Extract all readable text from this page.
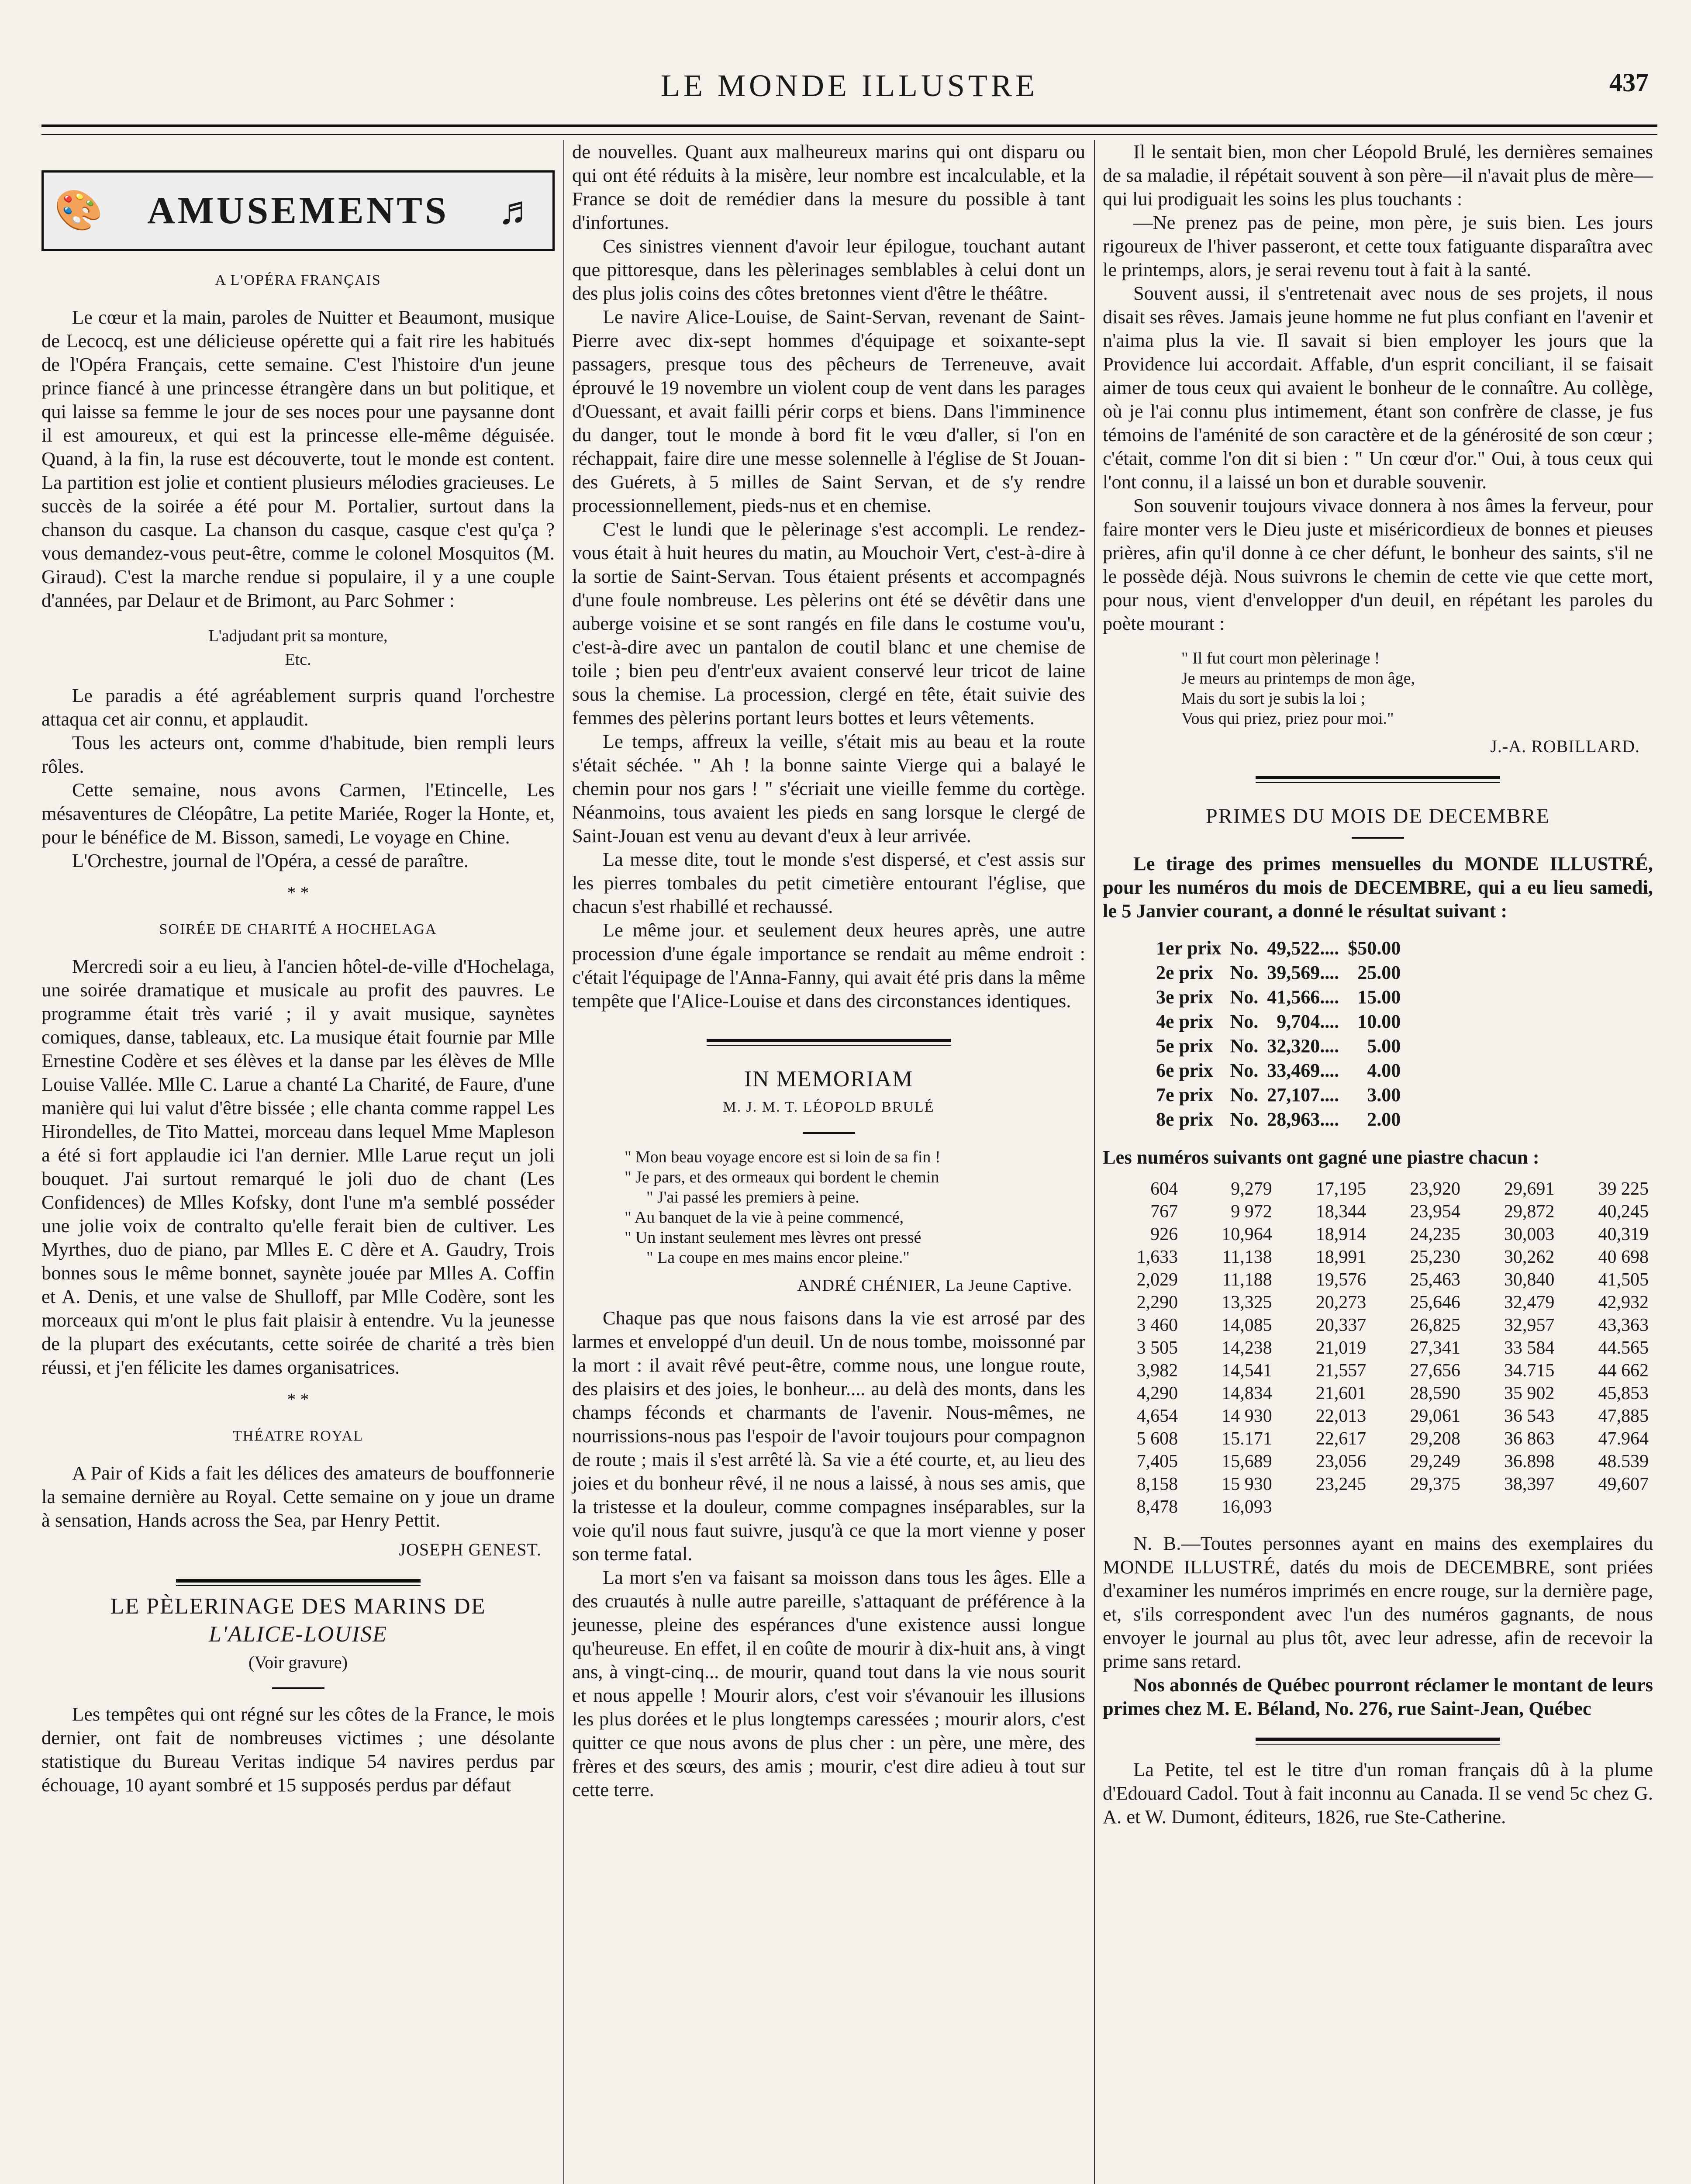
LE MONDE ILLUSTRE	437
🎨	AMUSEMENTS	♬
A L'OPÉRA FRANÇAIS

Le cœur et la main, paroles de Nuitter et Beaumont, musique de Lecocq, est une délicieuse opérette qui a fait rire les habitués de l'Opéra Français, cette semaine. C'est l'histoire d'un jeune prince fiancé à une princesse étrangère dans un but politique, et qui laisse sa femme le jour de ses noces pour une paysanne dont il est amoureux, et qui est la princesse elle-même déguisée. Quand, à la fin, la ruse est découverte, tout le monde est content. La partition est jolie et contient plusieurs mélodies gracieuses. Le succès de la soirée a été pour M. Portalier, surtout dans la chanson du casque. La chanson du casque, casque c'est qu'ça ? vous demandez-vous peut-être, comme le colonel Mosquitos (M. Giraud). C'est la marche rendue si populaire, il y a une couple d'années, par Delaur et de Brimont, au Parc Sohmer :

L'adjudant prit sa monture,
Etc.

Le paradis a été agréablement surpris quand l'orchestre attaqua cet air connu, et applaudit.

Tous les acteurs ont, comme d'habitude, bien rempli leurs rôles.

Cette semaine, nous avons Carmen, l'Etincelle, Les mésaventures de Cléopâtre, La petite Mariée, Roger la Honte, et, pour le bénéfice de M. Bisson, samedi, Le voyage en Chine.

L'Orchestre, journal de l'Opéra, a cessé de paraître.

* *
SOIRÉE DE CHARITÉ A HOCHELAGA

Mercredi soir a eu lieu, à l'ancien hôtel-de-ville d'Hochelaga, une soirée dramatique et musicale au profit des pauvres. Le programme était très varié ; il y avait musique, saynètes comiques, danse, tableaux, etc. La musique était fournie par Mlle Ernestine Codère et ses élèves et la danse par les élèves de Mlle Louise Vallée. Mlle C. Larue a chanté La Charité, de Faure, d'une manière qui lui valut d'être bissée ; elle chanta comme rappel Les Hirondelles, de Tito Mattei, morceau dans lequel Mme Mapleson a été si fort applaudie ici l'an dernier. Mlle Larue reçut un joli bouquet. J'ai surtout remarqué le joli duo de chant (Les Confidences) de Mlles Kofsky, dont l'une m'a semblé posséder une jolie voix de contralto qu'elle ferait bien de cultiver. Les Myrthes, duo de piano, par Mlles E. C dère et A. Gaudry, Trois bonnes sous le même bonnet, saynète jouée par Mlles A. Coffin et A. Denis, et une valse de Shulloff, par Mlle Codère, sont les morceaux qui m'ont le plus fait plaisir à entendre. Vu la jeunesse de la plupart des exécutants, cette soirée de charité a très bien réussi, et j'en félicite les dames organisatrices.

* *
THÉATRE ROYAL

A Pair of Kids a fait les délices des amateurs de bouffonnerie la semaine dernière au Royal. Cette semaine on y joue un drame à sensation, Hands across the Sea, par Henry Pettit.

JOSEPH GENEST.
LE PÈLERINAGE DES MARINS DE
L'ALICE-LOUISE
(Voir gravure)

Les tempêtes qui ont régné sur les côtes de la France, le mois dernier, ont fait de nombreuses victimes ; une désolante statistique du Bureau Veritas indique 54 navires perdus par échouage, 10 ayant sombré et 15 supposés perdus par défaut

de nouvelles. Quant aux malheureux marins qui ont disparu ou qui ont été réduits à la misère, leur nombre est incalculable, et la France se doit de remédier dans la mesure du possible à tant d'infortunes.

Ces sinistres viennent d'avoir leur épilogue, touchant autant que pittoresque, dans les pèlerinages semblables à celui dont un des plus jolis coins des côtes bretonnes vient d'être le théâtre.

Le navire Alice-Louise, de Saint-Servan, revenant de Saint-Pierre avec dix-sept hommes d'équipage et soixante-sept passagers, presque tous des pêcheurs de Terreneuve, avait éprouvé le 19 novembre un violent coup de vent dans les parages d'Ouessant, et avait failli périr corps et biens. Dans l'imminence du danger, tout le monde à bord fit le vœu d'aller, si l'on en réchappait, faire dire une messe solennelle à l'église de St Jouan-des Guérets, à 5 milles de Saint Servan, et de s'y rendre processionnellement, pieds-nus et en chemise.

C'est le lundi que le pèlerinage s'est accompli. Le rendez-vous était à huit heures du matin, au Mouchoir Vert, c'est-à-dire à la sortie de Saint-Servan. Tous étaient présents et accompagnés d'une foule nombreuse. Les pèlerins ont été se dévêtir dans une auberge voisine et se sont rangés en file dans le costume vou'u, c'est-à-dire avec un pantalon de coutil blanc et une chemise de toile ; bien peu d'entr'eux avaient conservé leur tricot de laine sous la chemise. La procession, clergé en tête, était suivie des femmes des pèlerins portant leurs bottes et leurs vêtements.

Le temps, affreux la veille, s'était mis au beau et la route s'était séchée. " Ah ! la bonne sainte Vierge qui a balayé le chemin pour nos gars ! " s'écriait une vieille femme du cortège. Néanmoins, tous avaient les pieds en sang lorsque le clergé de Saint-Jouan est venu au devant d'eux à leur arrivée.

La messe dite, tout le monde s'est dispersé, et c'est assis sur les pierres tombales du petit cimetière entourant l'église, que chacun s'est rhabillé et rechaussé.

Le même jour. et seulement deux heures après, une autre procession d'une égale importance se rendait au même endroit : c'était l'équipage de l'Anna-Fanny, qui avait été pris dans la même tempête que l'Alice-Louise et dans des circonstances identiques.

IN MEMORIAM
M. J. M. T. LÉOPOLD BRULÉ
" Mon beau voyage encore est si loin de sa fin !
" Je pars, et des ormeaux qui bordent le chemin
" J'ai passé les premiers à peine.
" Au banquet de la vie à peine commencé,
" Un instant seulement mes lèvres ont pressé
" La coupe en mes mains encor pleine."
ANDRÉ CHÉNIER, La Jeune Captive.

Chaque pas que nous faisons dans la vie est arrosé par des larmes et enveloppé d'un deuil. Un de nous tombe, moissonné par la mort : il avait rêvé peut-être, comme nous, une longue route, des plaisirs et des joies, le bonheur.... au delà des monts, dans les champs féconds et charmants de l'avenir. Nous-mêmes, ne nourrissions-nous pas l'espoir de l'avoir toujours pour compagnon de route ; mais il s'est arrêté là. Sa vie a été courte, et, au lieu des joies et du bonheur rêvé, il ne nous a laissé, à nous ses amis, que la tristesse et la douleur, comme compagnes inséparables, sur la voie qu'il nous faut suivre, jusqu'à ce que la mort vienne y poser son terme fatal.

La mort s'en va faisant sa moisson dans tous les âges. Elle a des cruautés à nulle autre pareille, s'attaquant de préférence à la jeunesse, pleine des espérances d'une existence aussi longue qu'heureuse. En effet, il en coûte de mourir à dix-huit ans, à vingt ans, à vingt-cinq... de mourir, quand tout dans la vie nous sourit et nous appelle ! Mourir alors, c'est voir s'évanouir les illusions les plus dorées et le plus longtemps caressées ; mourir alors, c'est quitter ce que nous avons de plus cher : un père, une mère, des frères et des sœurs, des amis ; mourir, c'est dire adieu à tout sur cette terre.

Il le sentait bien, mon cher Léopold Brulé, les dernières semaines de sa maladie, il répétait souvent à son père—il n'avait plus de mère—qui lui prodiguait les soins les plus touchants :

—Ne prenez pas de peine, mon père, je suis bien. Les jours rigoureux de l'hiver passeront, et cette toux fatiguante disparaîtra avec le printemps, alors, je serai revenu tout à fait à la santé.

Souvent aussi, il s'entretenait avec nous de ses projets, il nous disait ses rêves. Jamais jeune homme ne fut plus confiant en l'avenir et n'aima plus la vie. Il savait si bien employer les jours que la Providence lui accordait. Affable, d'un esprit conciliant, il se faisait aimer de tous ceux qui avaient le bonheur de le connaître. Au collège, où je l'ai connu plus intimement, étant son confrère de classe, je fus témoins de l'aménité de son caractère et de la générosité de son cœur ; c'était, comme l'on dit si bien : " Un cœur d'or." Oui, à tous ceux qui l'ont connu, il a laissé un bon et durable souvenir.

Son souvenir toujours vivace donnera à nos âmes la ferveur, pour faire monter vers le Dieu juste et miséricordieux de bonnes et pieuses prières, afin qu'il donne à ce cher défunt, le bonheur des saints, s'il ne le possède déjà. Nous suivrons le chemin de cette vie que cette mort, pour nous, vient d'envelopper d'un deuil, en répétant les paroles du poète mourant :

" Il fut court mon pèlerinage !
Je meurs au printemps de mon âge,
Mais du sort je subis la loi ;
Vous qui priez, priez pour moi."
J.-A. ROBILLARD.
PRIMES DU MOIS DE DECEMBRE

Le tirage des primes mensuelles du MONDE ILLUSTRÉ, pour les numéros du mois de DECEMBRE, qui a eu lieu samedi, le 5 Janvier courant, a donné le résultat suivant :

1er prix	No.	49,522....	$50.00
2e prix	No.	39,569....	25.00
3e prix	No.	41,566....	15.00
4e prix	No.	9,704....	10.00
5e prix	No.	32,320....	5.00
6e prix	No.	33,469....	4.00
7e prix	No.	27,107....	3.00
8e prix	No.	28,963....	2.00

Les numéros suivants ont gagné une piastre chacun :

604	9,279	17,195	23,920	29,691	39 225
767	9 972	18,344	23,954	29,872	40,245
926	10,964	18,914	24,235	30,003	40,319
1,633	11,138	18,991	25,230	30,262	40 698
2,029	11,188	19,576	25,463	30,840	41,505
2,290	13,325	20,273	25,646	32,479	42,932
3 460	14,085	20,337	26,825	32,957	43,363
3 505	14,238	21,019	27,341	33 584	44.565
3,982	14,541	21,557	27,656	34.715	44 662
4,290	14,834	21,601	28,590	35 902	45,853
4,654	14 930	22,013	29,061	36 543	47,885
5 608	15.171	22,617	29,208	36 863	47.964
7,405	15,689	23,056	29,249	36.898	48.539
8,158	15 930	23,245	29,375	38,397	49,607
8,478	16,093				

N. B.—Toutes personnes ayant en mains des exemplaires du MONDE ILLUSTRÉ, datés du mois de DECEMBRE, sont priées d'examiner les numéros imprimés en encre rouge, sur la dernière page, et, s'ils correspondent avec l'un des numéros gagnants, de nous envoyer le journal au plus tôt, avec leur adresse, afin de recevoir la prime sans retard.

Nos abonnés de Québec pourront réclamer le montant de leurs primes chez M. E. Béland, No. 276, rue Saint-Jean, Québec

La Petite, tel est le titre d'un roman français dû à la plume d'Edouard Cadol. Tout à fait inconnu au Canada. Il se vend 5c chez G. A. et W. Dumont, éditeurs, 1826, rue Ste-Catherine.
